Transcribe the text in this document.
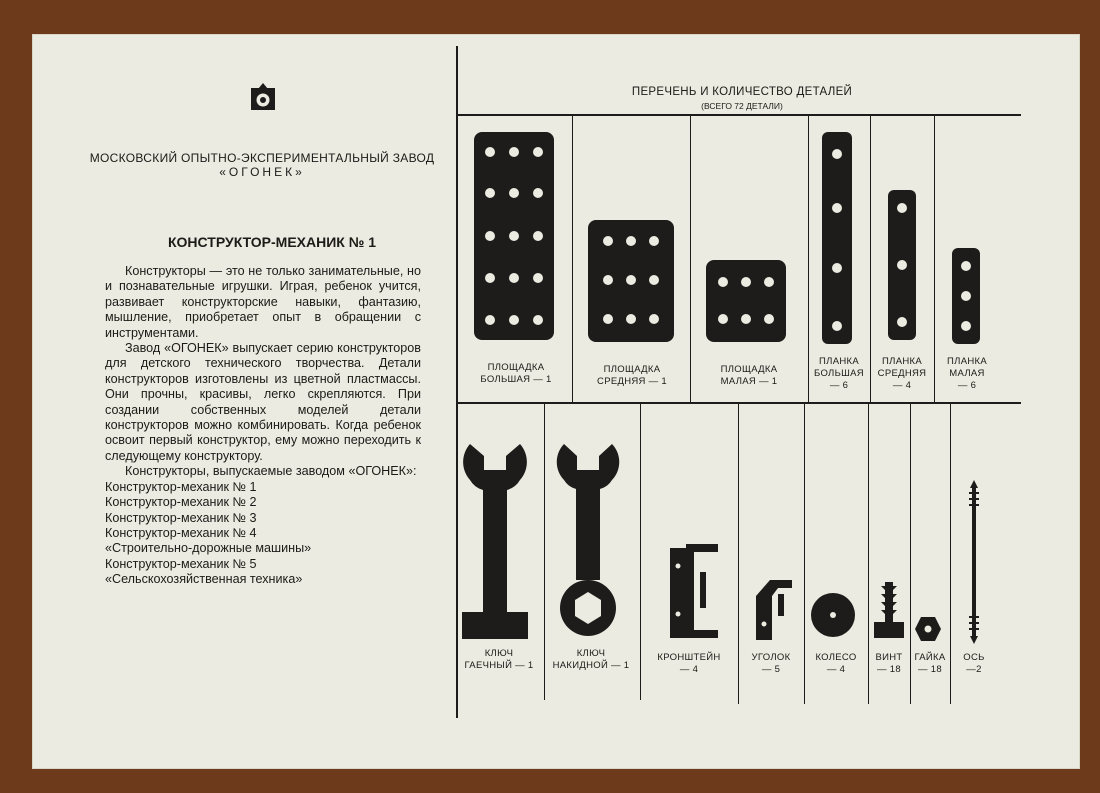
МОСКОВСКИЙ ОПЫТНО-ЭКСПЕРИМЕНТАЛЬНЫЙ ЗАВОД
«ОГОНЕК»
КОНСТРУКТОР-МЕХАНИК № 1

Конструкторы — это не только занимательные, но и познавательные игрушки. Играя, ребенок учится, развивает конструкторские навыки, фантазию, мышление, приобретает опыт в обращении с инструментами.

Завод «ОГОНЕК» выпускает серию конструкторов для детского технического творчества. Детали конструкторов изготовлены из цветной пластмассы. Они прочны, красивы, легко скрепляются. При создании собственных моделей детали конструкторов можно комбинировать. Когда ребенок освоит первый конструктор, ему можно переходить к следующему конструктору.

Конструкторы, выпускаемые заводом «ОГОНЕК»:

Конструктор-механик № 1
Конструктор-механик № 2
Конструктор-механик № 3
Конструктор-механик № 4
«Строительно-дорожные машины»
Конструктор-механик № 5
«Сельскохозяйственная техника»
ПЕРЕЧЕНЬ И КОЛИЧЕСТВО ДЕТАЛЕЙ
(ВСЕГО 72 ДЕТАЛИ)
ПЛОЩАДКА
БОЛЬШАЯ — 1
ПЛОЩАДКА
СРЕДНЯЯ — 1
ПЛОЩАДКА
МАЛАЯ — 1
ПЛАНКА
БОЛЬШАЯ
— 6
ПЛАНКА
СРЕДНЯЯ
— 4
ПЛАНКА
МАЛАЯ
— 6
КЛЮЧ
ГАЕЧНЫЙ — 1
КЛЮЧ
НАКИДНОЙ — 1
КРОНШТЕЙН
— 4
УГОЛОК
— 5
КОЛЕСО
— 4
ВИНТ
— 18
ГАЙКА
— 18
ОСЬ
—2
